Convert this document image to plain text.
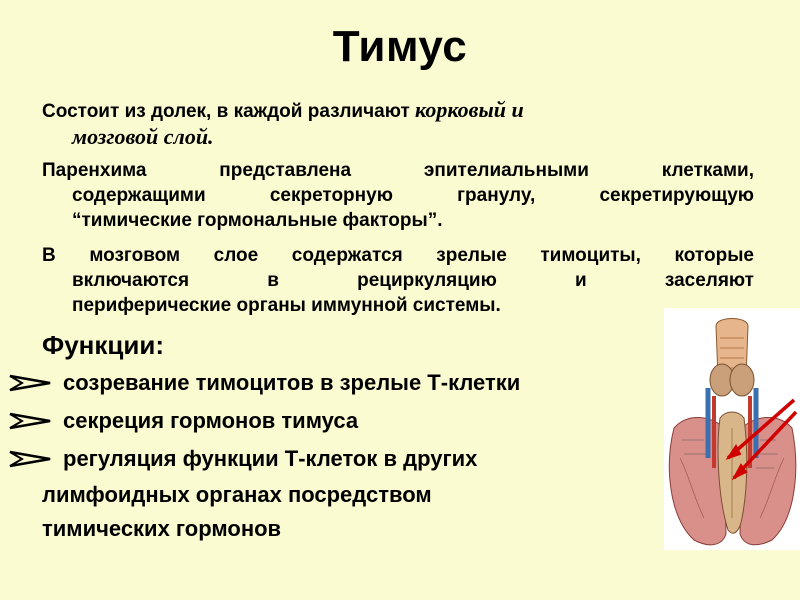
Тимус
Состоит из долек, в каждой различают корковый и
мозговой слой.
Паренхима представлена эпителиальными клетками,
содержащими секреторную гранулу, секретирующую
“тимические гормональные факторы”.
В мозговом слое содержатся зрелые тимоциты, которые
включаются в рециркуляцию и заселяют
периферические органы иммунной системы.
Функции:
созревание тимоцитов в зрелые Т-клетки
секреция гормонов тимуса
регуляция функции Т-клеток в других
лимфоидных органах посредством
тимических гормонов
